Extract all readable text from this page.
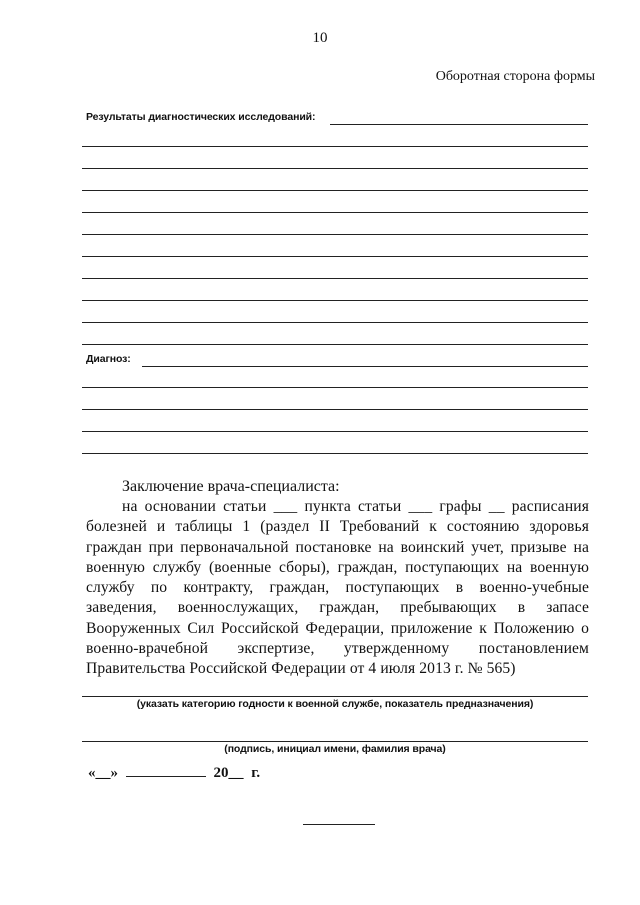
10
Оборотная сторона формы
Результаты диагностических исследований:
Диагноз:
Заключение врача-специалиста:
на основании статьи ___ пункта статьи ___ графы __ расписания болезней и таблицы 1 (раздел II Требований к состоянию здоровья граждан при первоначальной постановке на воинский учет, призыве на военную службу (военные сборы), граждан, поступающих на военную службу по контракту, граждан, поступающих в военно-учебные заведения, военнослужащих, граждан, пребывающих в запасе Вооруженных Сил Российской Федерации, приложение к Положению о военно-врачебной экспертизе, утвержденному постановлением Правительства Российской Федерации от 4 июля 2013 г. № 565)
(указать категорию годности к военной службе, показатель предназначения)
(подпись, инициал имени, фамилия врача)
«__»	20__ г.
